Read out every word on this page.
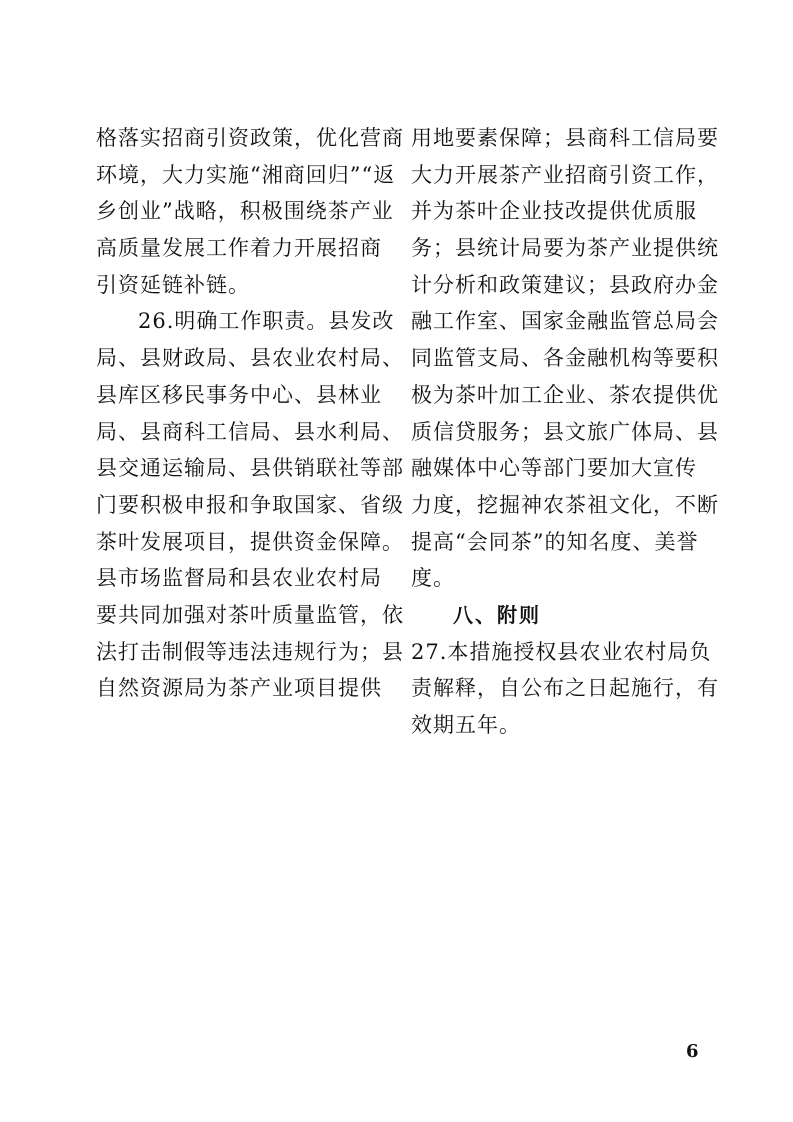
格落实招商引资政策，优化营商
环境，大力实施“湘商回归”“返
乡创业”战略，积极围绕茶产业
高质量发展工作着力开展招商
引资延链补链。
26.明确工作职责。县发改
局、县财政局、县农业农村局、
县库区移民事务中心、县林业
局、县商科工信局、县水利局、
县交通运输局、县供销联社等部
门要积极申报和争取国家、省级
茶叶发展项目，提供资金保障。
县市场监督局和县农业农村局
要共同加强对茶叶质量监管，依
法打击制假等违法违规行为；县
自然资源局为茶产业项目提供
用地要素保障；县商科工信局要
大力开展茶产业招商引资工作，
并为茶叶企业技改提供优质服
务；县统计局要为茶产业提供统
计分析和政策建议；县政府办金
融工作室、国家金融监管总局会
同监管支局、各金融机构等要积
极为茶叶加工企业、茶农提供优
质信贷服务；县文旅广体局、县
融媒体中心等部门要加大宣传
力度，挖掘神农茶祖文化，不断
提高“会同茶”的知名度、美誉
度。
八、附则
27.本措施授权县农业农村局负
责解释，自公布之日起施行，有
效期五年。
6
